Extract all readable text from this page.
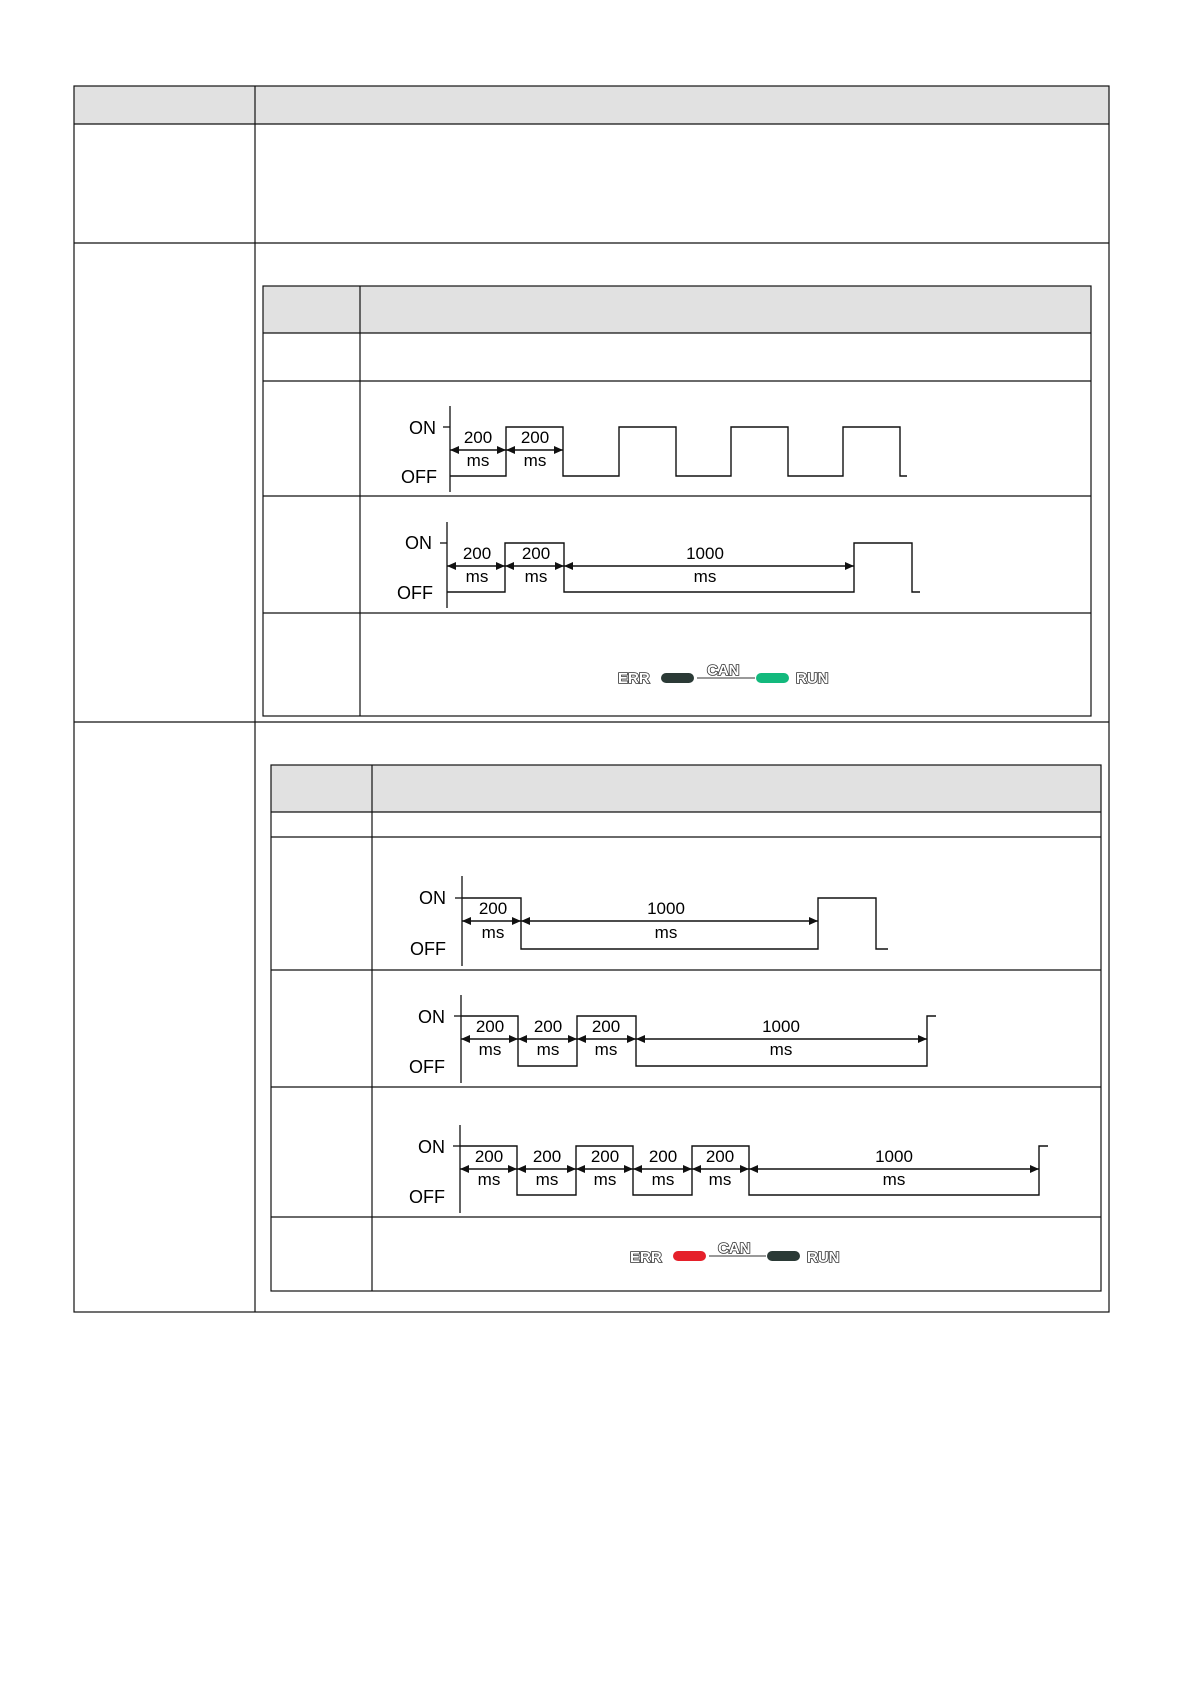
ON
OFF
200
ms
200
ms
ON
OFF
200
ms
200
ms
1000
ms
ERR	CAN	RUN
ON
OFF
200
ms
1000
ms
ON
OFF
200
ms
200
ms
200
ms
1000
ms
ON
OFF
200
ms
200
ms
200
ms
200
ms
200
ms
1000
ms
ERR
CAN
RUN
